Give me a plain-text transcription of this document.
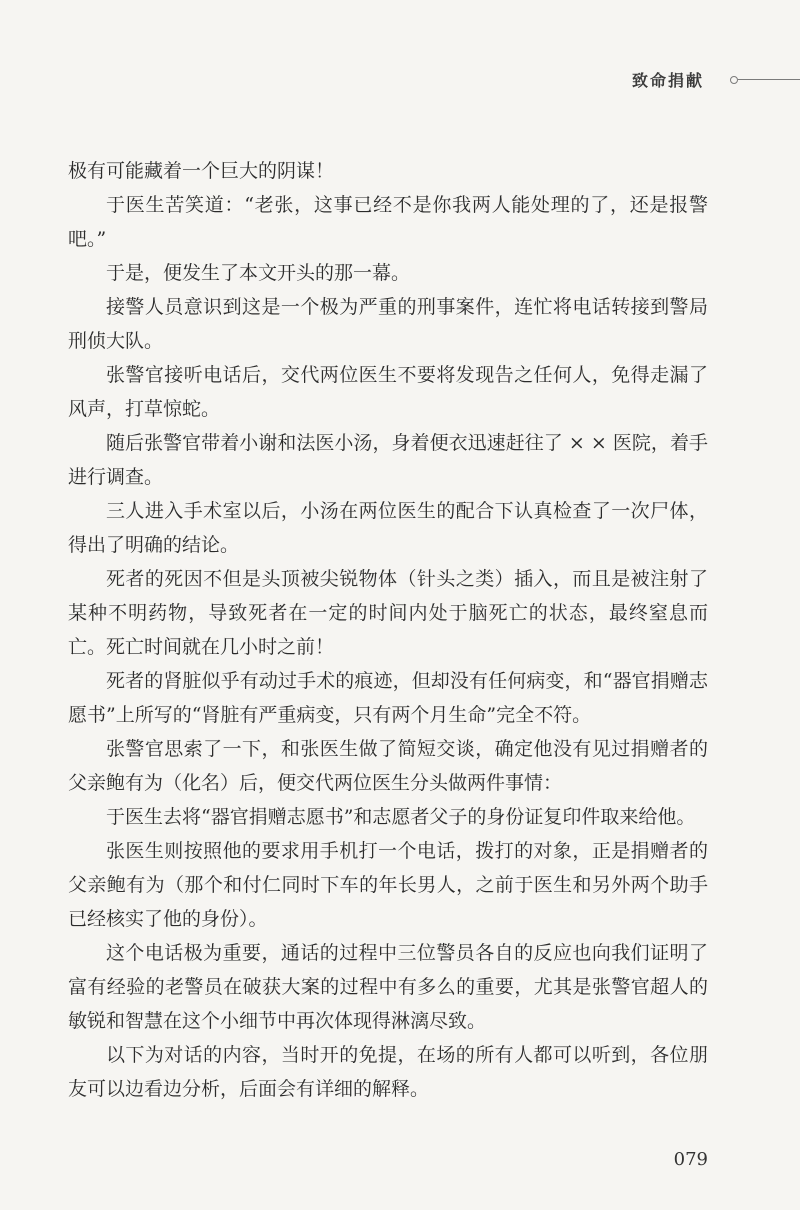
致命捐献

极有可能藏着一个巨大的阴谋！

于医生苦笑道：“老张，这事已经不是你我两人能处理的了，还是报警吧。”

于是，便发生了本文开头的那一幕。

接警人员意识到这是一个极为严重的刑事案件，连忙将电话转接到警局刑侦大队。

张警官接听电话后，交代两位医生不要将发现告之任何人，免得走漏了风声，打草惊蛇。

随后张警官带着小谢和法医小汤，身着便衣迅速赶往了 × × 医院，着手进行调查。

三人进入手术室以后，小汤在两位医生的配合下认真检查了一次尸体，得出了明确的结论。

死者的死因不但是头顶被尖锐物体（针头之类）插入，而且是被注射了某种不明药物，导致死者在一定的时间内处于脑死亡的状态，最终窒息而亡。死亡时间就在几小时之前！

死者的肾脏似乎有动过手术的痕迹，但却没有任何病变，和“器官捐赠志愿书”上所写的“肾脏有严重病变，只有两个月生命”完全不符。

张警官思索了一下，和张医生做了简短交谈，确定他没有见过捐赠者的父亲鲍有为（化名）后，便交代两位医生分头做两件事情：

于医生去将“器官捐赠志愿书”和志愿者父子的身份证复印件取来给他。

张医生则按照他的要求用手机打一个电话，拨打的对象，正是捐赠者的父亲鲍有为（那个和付仁同时下车的年长男人，之前于医生和另外两个助手已经核实了他的身份）。

这个电话极为重要，通话的过程中三位警员各自的反应也向我们证明了富有经验的老警员在破获大案的过程中有多么的重要，尤其是张警官超人的敏锐和智慧在这个小细节中再次体现得淋漓尽致。

以下为对话的内容，当时开的免提，在场的所有人都可以听到，各位朋友可以边看边分析，后面会有详细的解释。

079
